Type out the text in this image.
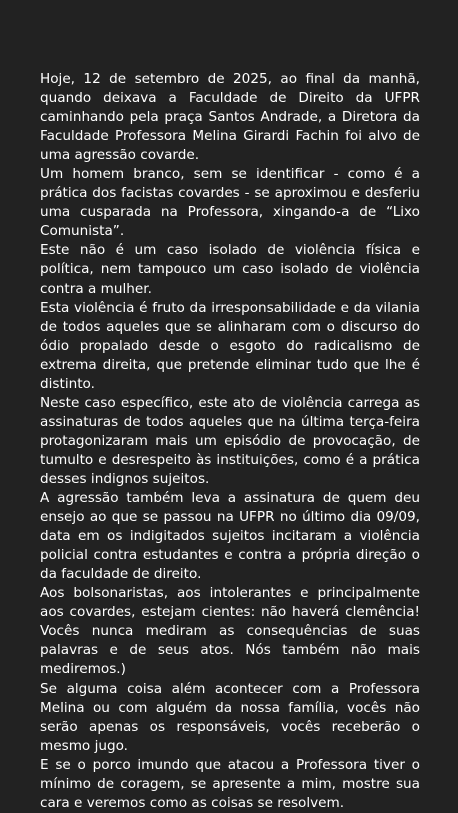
Hoje, 12 de setembro de 2025, ao final da manhã, quando deixava a Faculdade de Direito da UFPR caminhando pela praça Santos Andrade, a Diretora da Faculdade Professora Melina Girardi Fachin foi alvo de uma agressão covarde.

Um homem branco, sem se identificar - como é a prática dos facistas covardes - se aproximou e desferiu uma cusparada na Professora, xingando-a de “Lixo Comunista”.

Este não é um caso isolado de violência física e política, nem tampouco um caso isolado de violência contra a mulher.

Esta violência é fruto da irresponsabilidade e da vilania de todos aqueles que se alinharam com o discurso do ódio propalado desde o esgoto do radicalismo de extrema direita, que pretende eliminar tudo que lhe é distinto.

Neste caso específico, este ato de violência carrega as assinaturas de todos aqueles que na última terça-feira protagonizaram mais um episódio de provocação, de tumulto e desrespeito às instituições, como é a prática desses indignos sujeitos.

A agressão também leva a assinatura de quem deu ensejo ao que se passou na UFPR no último dia 09/09, data em os indigitados sujeitos incitaram a violência policial contra estudantes e contra a própria direção o da faculdade de direito.

Aos bolsonaristas, aos intolerantes e principalmente aos covardes, estejam cientes: não haverá clemência! Vocês nunca mediram as consequências de suas palavras e de seus atos. Nós também não mais mediremos.)

Se alguma coisa além acontecer com a Professora Melina ou com alguém da nossa família, vocês não serão apenas os responsáveis, vocês receberão o mesmo jugo.

E se o porco imundo que atacou a Professora tiver o mínimo de coragem, se apresente a mim, mostre sua cara e veremos como as coisas se resolvem.
